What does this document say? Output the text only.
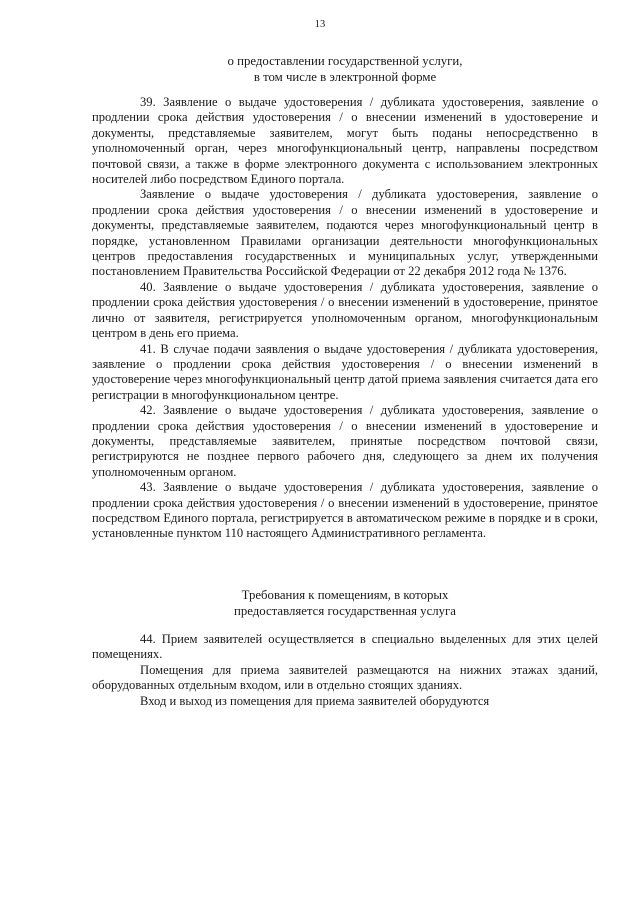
13
о предоставлении государственной услуги,
в том числе в электронной форме

39. Заявление о выдаче удостоверения / дубликата удостоверения, заявление о продлении срока действия удостоверения / о внесении изменений в удостоверение и документы, представляемые заявителем, могут быть поданы непосредственно в уполномоченный орган, через многофункциональный центр, направлены посредством почтовой связи, а также в форме электронного документа с использованием электронных носителей либо посредством Единого портала.

Заявление о выдаче удостоверения / дубликата удостоверения, заявление о продлении срока действия удостоверения / о внесении изменений в удостоверение и документы, представляемые заявителем, подаются через многофункциональный центр в порядке, установленном Правилами организации деятельности многофункциональных центров предоставления государственных и муниципальных услуг, утвержденными постановлением Правительства Российской Федерации от 22 декабря 2012 года № 1376.

40. Заявление о выдаче удостоверения / дубликата удостоверения, заявление о продлении срока действия удостоверения / о внесении изменений в удостоверение, принятое лично от заявителя, регистрируется уполномоченным органом, многофункциональным центром в день его приема.

41. В случае подачи заявления о выдаче удостоверения / дубликата удостоверения, заявление о продлении срока действия удостоверения / о внесении изменений в удостоверение через многофункциональный центр датой приема заявления считается дата его регистрации в многофункциональном центре.

42. Заявление о выдаче удостоверения / дубликата удостоверения, заявление о продлении срока действия удостоверения / о внесении изменений в удостоверение и документы, представляемые заявителем, принятые посредством почтовой связи, регистрируются не позднее первого рабочего дня, следующего за днем их получения уполномоченным органом.

43. Заявление о выдаче удостоверения / дубликата удостоверения, заявление о продлении срока действия удостоверения / о внесении изменений в удостоверение, принятое посредством Единого портала, регистрируется в автоматическом режиме в порядке и в сроки, установленные пунктом 110 настоящего Административного регламента.

Требования к помещениям, в которых
предоставляется государственная услуга

44. Прием заявителей осуществляется в специально выделенных для этих целей помещениях.

Помещения для приема заявителей размещаются на нижних этажах зданий, оборудованных отдельным входом, или в отдельно стоящих зданиях.

Вход и выход из помещения для приема заявителей оборудуются
